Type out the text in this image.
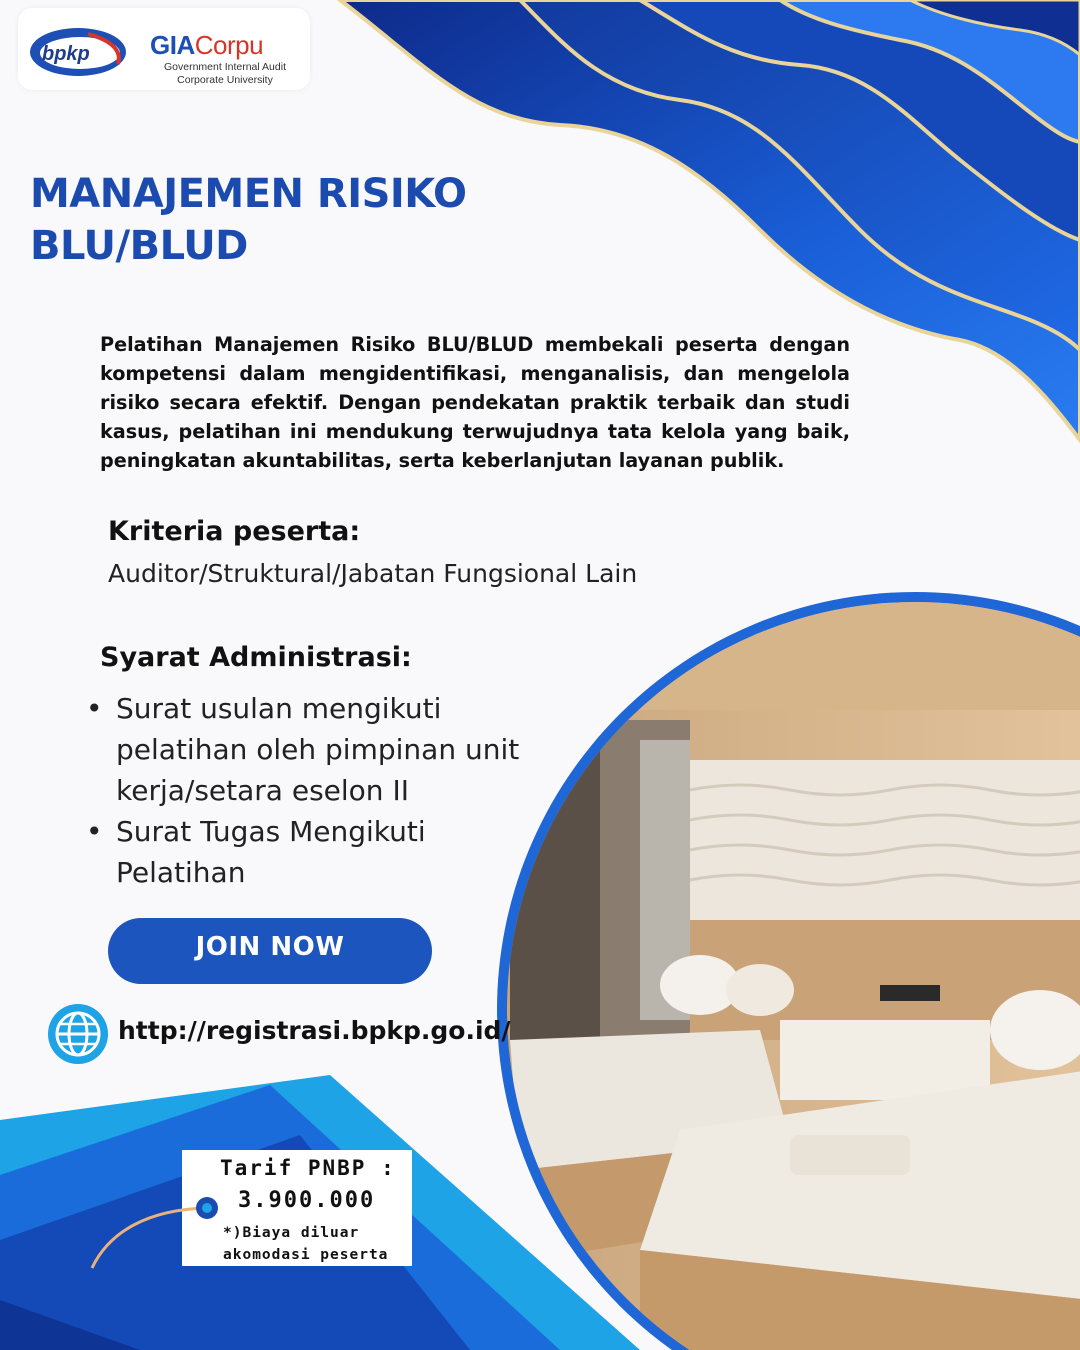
bpkp GIACorpu
Government Internal Audit
Corporate University
MANAJEMEN RISIKO
BLU/BLUD
Pelatihan Manajemen Risiko BLU/BLUD membekali peserta dengan kompetensi dalam mengidentifikasi, menganalisis, dan mengelola risiko secara efektif. Dengan pendekatan praktik terbaik dan studi kasus, pelatihan ini mendukung terwujudnya tata kelola yang baik, peningkatan akuntabilitas, serta keberlanjutan layanan publik.
Kriteria peserta:
Auditor/Struktural/Jabatan Fungsional Lain
Syarat Administrasi:
• Surat usulan mengikuti pelatihan oleh pimpinan unit kerja/setara eselon II
• Surat Tugas Mengikuti Pelatihan
JOIN NOW
http://registrasi.bpkp.go.id/
Tarif PNBP :
3.900.000
*)Biaya diluar akomodasi peserta
